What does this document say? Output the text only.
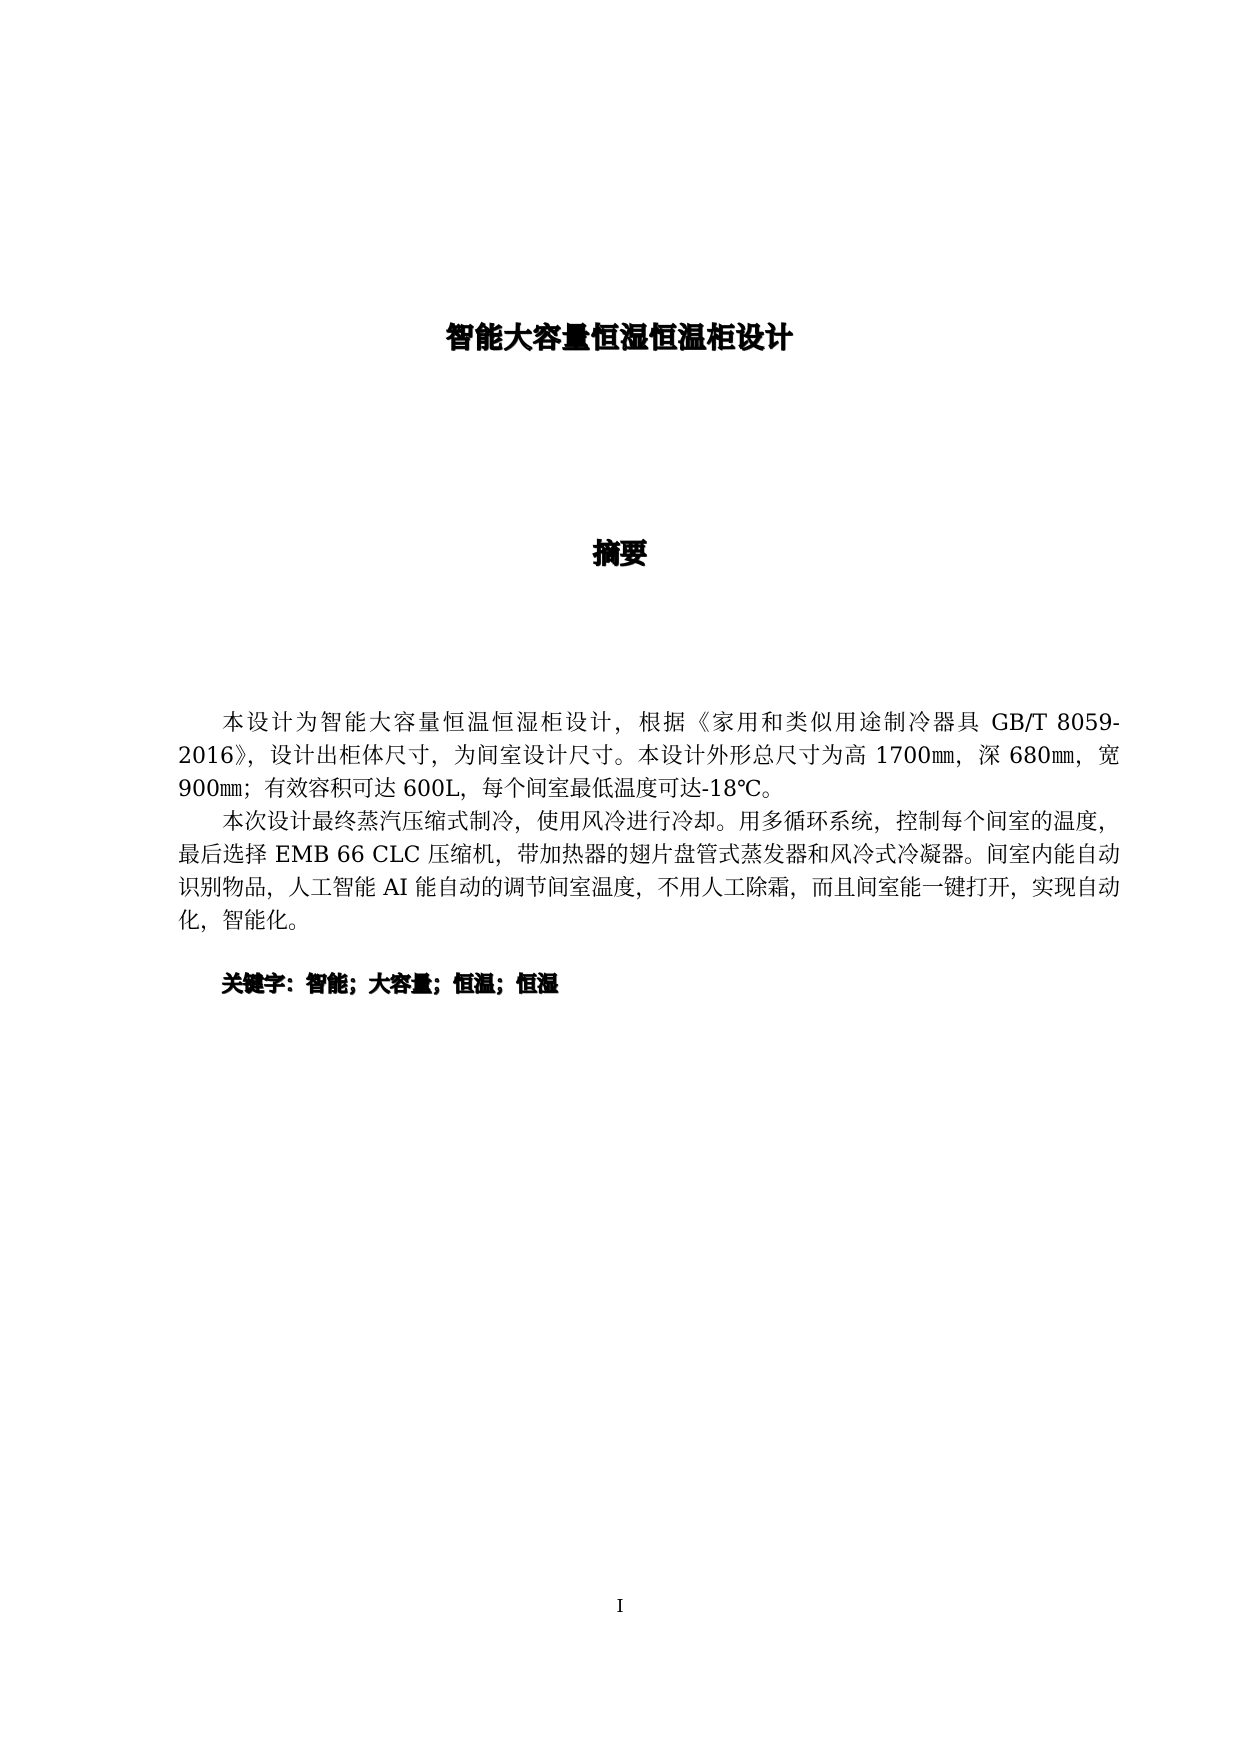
智能大容量恒湿恒温柜设计
摘要

本设计为智能大容量恒温恒湿柜设计，根据《家用和类似用途制冷器具 GB/T 8059-2016》，设计出柜体尺寸，为间室设计尺寸。本设计外形总尺寸为高 1700㎜，深 680㎜，宽 900㎜；有效容积可达 600L，每个间室最低温度可达-18℃。

本次设计最终蒸汽压缩式制冷，使用风冷进行冷却。用多循环系统，控制每个间室的温度，最后选择 EMB 66 CLC 压缩机，带加热器的翅片盘管式蒸发器和风冷式冷凝器。间室内能自动识别物品，人工智能 AI 能自动的调节间室温度，不用人工除霜，而且间室能一键打开，实现自动化，智能化。

关键字：智能；大容量；恒温；恒湿
I
